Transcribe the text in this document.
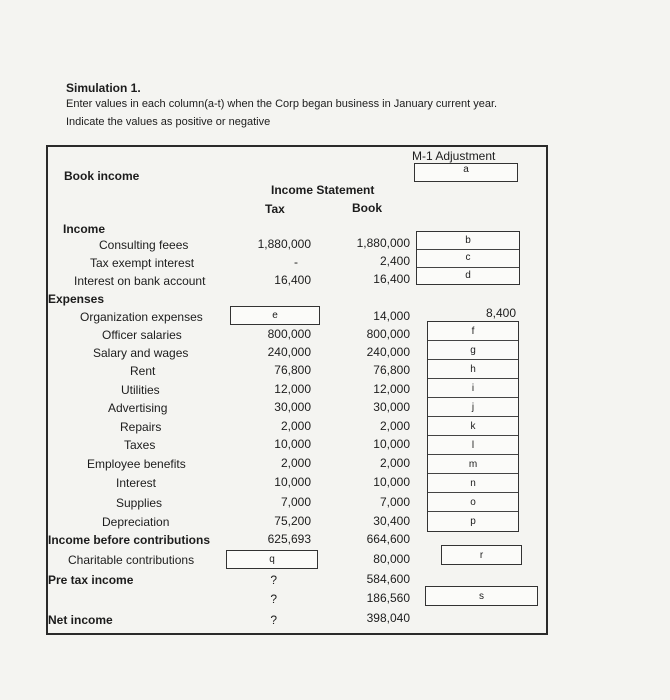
Simulation 1.
Enter values in each column(a-t) when the Corp began business in January current year.
Indicate the values as positive or negative
Book income
M-1 Adjustment
a
Income Statement
Tax	Book
Income
Expenses
Consulting feees
Tax exempt interest
Interest on bank account
Organization expenses
Officer salaries
Salary and wages
Rent
Utilities
Advertising
Repairs
Taxes
Employee benefits
Interest
Supplies
Depreciation
Income before contributions
Charitable contributions
Pre tax income
Net income
1,880,000
-
16,400
e
800,000
240,000
76,800
12,000
30,000
2,000
10,000
2,000
10,000
7,000
75,200
625,693
q
?
?
?
1,880,000
2,400
16,400
14,000
800,000
240,000
76,800
12,000
30,000
2,000
10,000
2,000
10,000
7,000
30,400
664,600
80,000
584,600
186,560
398,040
b
c
d
8,400
f
g
h
i
j
k
l
m
n
o
p
r
s
